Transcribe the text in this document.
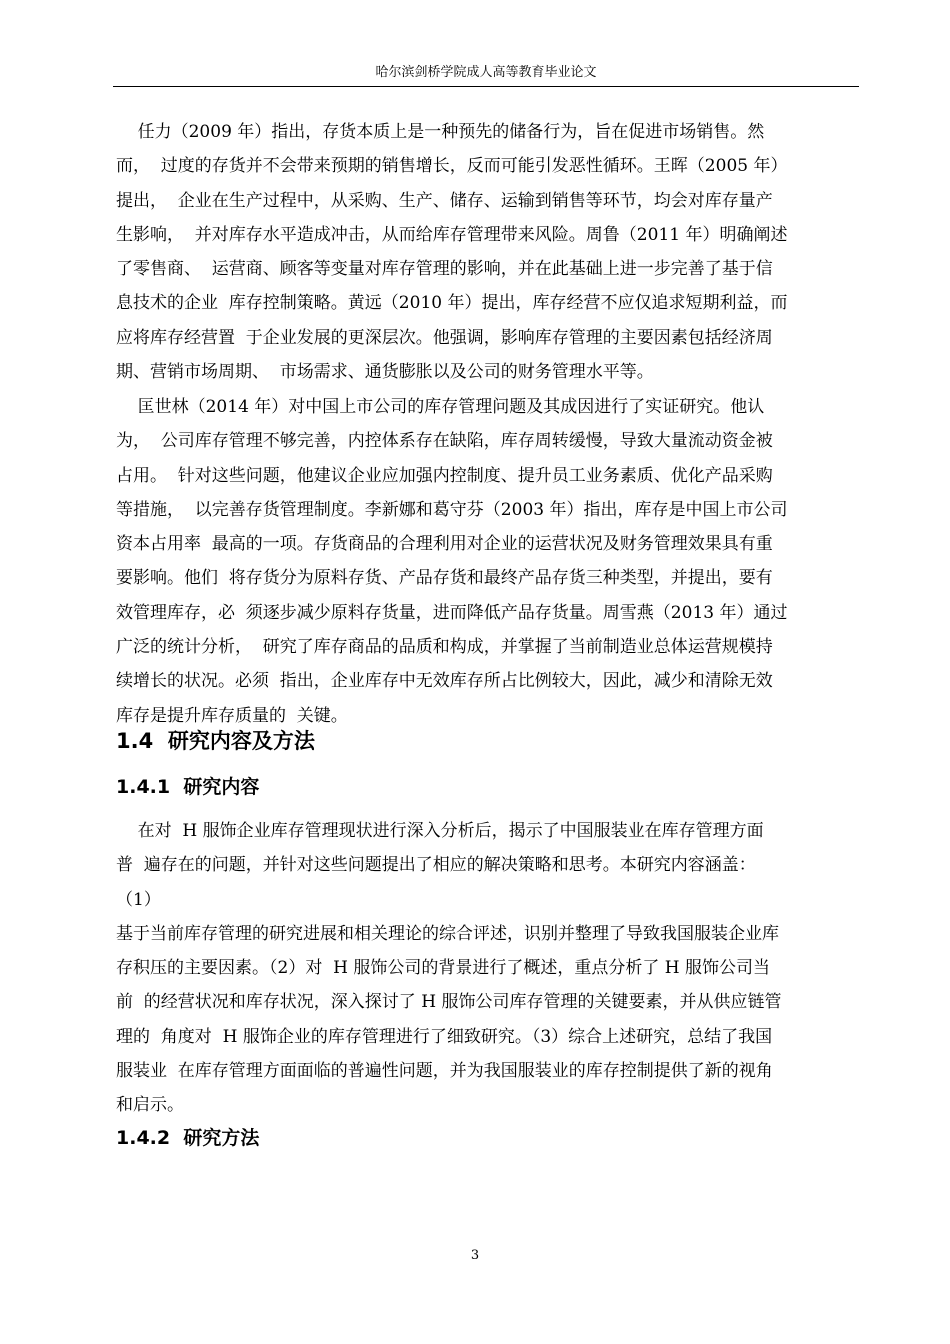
哈尔滨剑桥学院成人高等教育毕业论文
任力（2009 年）指出，存货本质上是一种预先的储备行为，旨在促进市场销售。然
而，  过度的存货并不会带来预期的销售增长，反而可能引发恶性循环。王晖（2005 年）
提出，  企业在生产过程中，从采购、生产、储存、运输到销售等环节，均会对库存量产
生影响，  并对库存水平造成冲击，从而给库存管理带来风险。周鲁（2011 年）明确阐述
了零售商、  运营商、顾客等变量对库存管理的影响，并在此基础上进一步完善了基于信
息技术的企业  库存控制策略。黄远（2010 年）提出，库存经营不应仅追求短期利益，而
应将库存经营置  于企业发展的更深层次。他强调，影响库存管理的主要因素包括经济周
期、营销市场周期、  市场需求、通货膨胀以及公司的财务管理水平等。
匡世林（2014 年）对中国上市公司的库存管理问题及其成因进行了实证研究。他认
为，  公司库存管理不够完善，内控体系存在缺陷，库存周转缓慢，导致大量流动资金被
占用。  针对这些问题，他建议企业应加强内控制度、提升员工业务素质、优化产品采购
等措施，  以完善存货管理制度。李新娜和葛守芬（2003 年）指出，库存是中国上市公司
资本占用率  最高的一项。存货商品的合理利用对企业的运营状况及财务管理效果具有重
要影响。他们  将存货分为原料存货、产品存货和最终产品存货三种类型，并提出，要有
效管理库存，必  须逐步减少原料存货量，进而降低产品存货量。周雪燕（2013 年）通过
广泛的统计分析，  研究了库存商品的品质和构成，并掌握了当前制造业总体运营规模持
续增长的状况。必须  指出，企业库存中无效库存所占比例较大，因此，减少和清除无效
库存是提升库存质量的  关键。
1.4  研究内容及方法
1.4.1  研究内容
在对  H 服饰企业库存管理现状进行深入分析后，揭示了中国服装业在库存管理方面
普  遍存在的问题，并针对这些问题提出了相应的解决策略和思考。本研究内容涵盖：
（1）
基于当前库存管理的研究进展和相关理论的综合评述，识别并整理了导致我国服装企业库
存积压的主要因素。（2）对  H 服饰公司的背景进行了概述，重点分析了 H 服饰公司当
前  的经营状况和库存状况，深入探讨了 H 服饰公司库存管理的关键要素，并从供应链管
理的  角度对  H 服饰企业的库存管理进行了细致研究。（3）综合上述研究，总结了我国
服装业  在库存管理方面面临的普遍性问题，并为我国服装业的库存控制提供了新的视角
和启示。
1.4.2  研究方法
3
